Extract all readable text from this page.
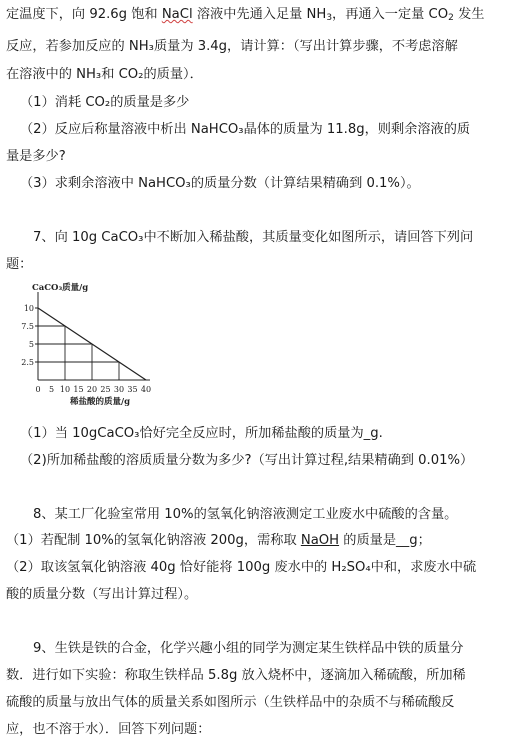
定温度下，向 92.6g 饱和 NaCl 溶液中先通入足量 $NH_3$，再通入一定量 $CO_2$ 发生
反应，若参加反应的 NH₃质量为 3.4g，请计算：（写出计算步骤，不考虑溶解
在溶液中的 NH₃和 CO₂的质量）．
（1）消耗 CO₂的质量是多少
（2）反应后称量溶液中析出 NaHCO₃晶体的质量为 11.8g，则剩余溶液的质
量是多少?
（3）求剩余溶液中 NaHCO₃的质量分数（计算结果精确到 0.1%）。
7、向 10g CaCO₃中不断加入稀盐酸，其质量变化如图所示，请回答下列问
题：
2.5
5
7.5
10
0 5 10 15 20 25 30 35 40
CaCO₃质量/g
稀盐酸的质量/g
（1）当 10gCaCO₃恰好完全反应时，所加稀盐酸的质量为_g.
（2)所加稀盐酸的溶质质量分数为多少?（写出计算过程,结果精确到 0.01%）
8、某工厂化验室常用 10%的氢氧化钠溶液测定工业废水中硫酸的含量。
（1）若配制 10%的氢氧化钠溶液 200g，需称取 NaOH 的质量是__g；
（2）取该氢氧化钠溶液 40g 恰好能将 100g 废水中的 H₂SO₄中和，求废水中硫
酸的质量分数（写出计算过程）。
9、生铁是铁的合金，化学兴趣小组的同学为测定某生铁样品中铁的质量分
数．进行如下实验：称取生铁样品 5.8g 放入烧杯中，逐滴加入稀硫酸，所加稀
硫酸的质量与放出气体的质量关系如图所示（生铁样品中的杂质不与稀硫酸反
应，也不溶于水）．回答下列问题：
